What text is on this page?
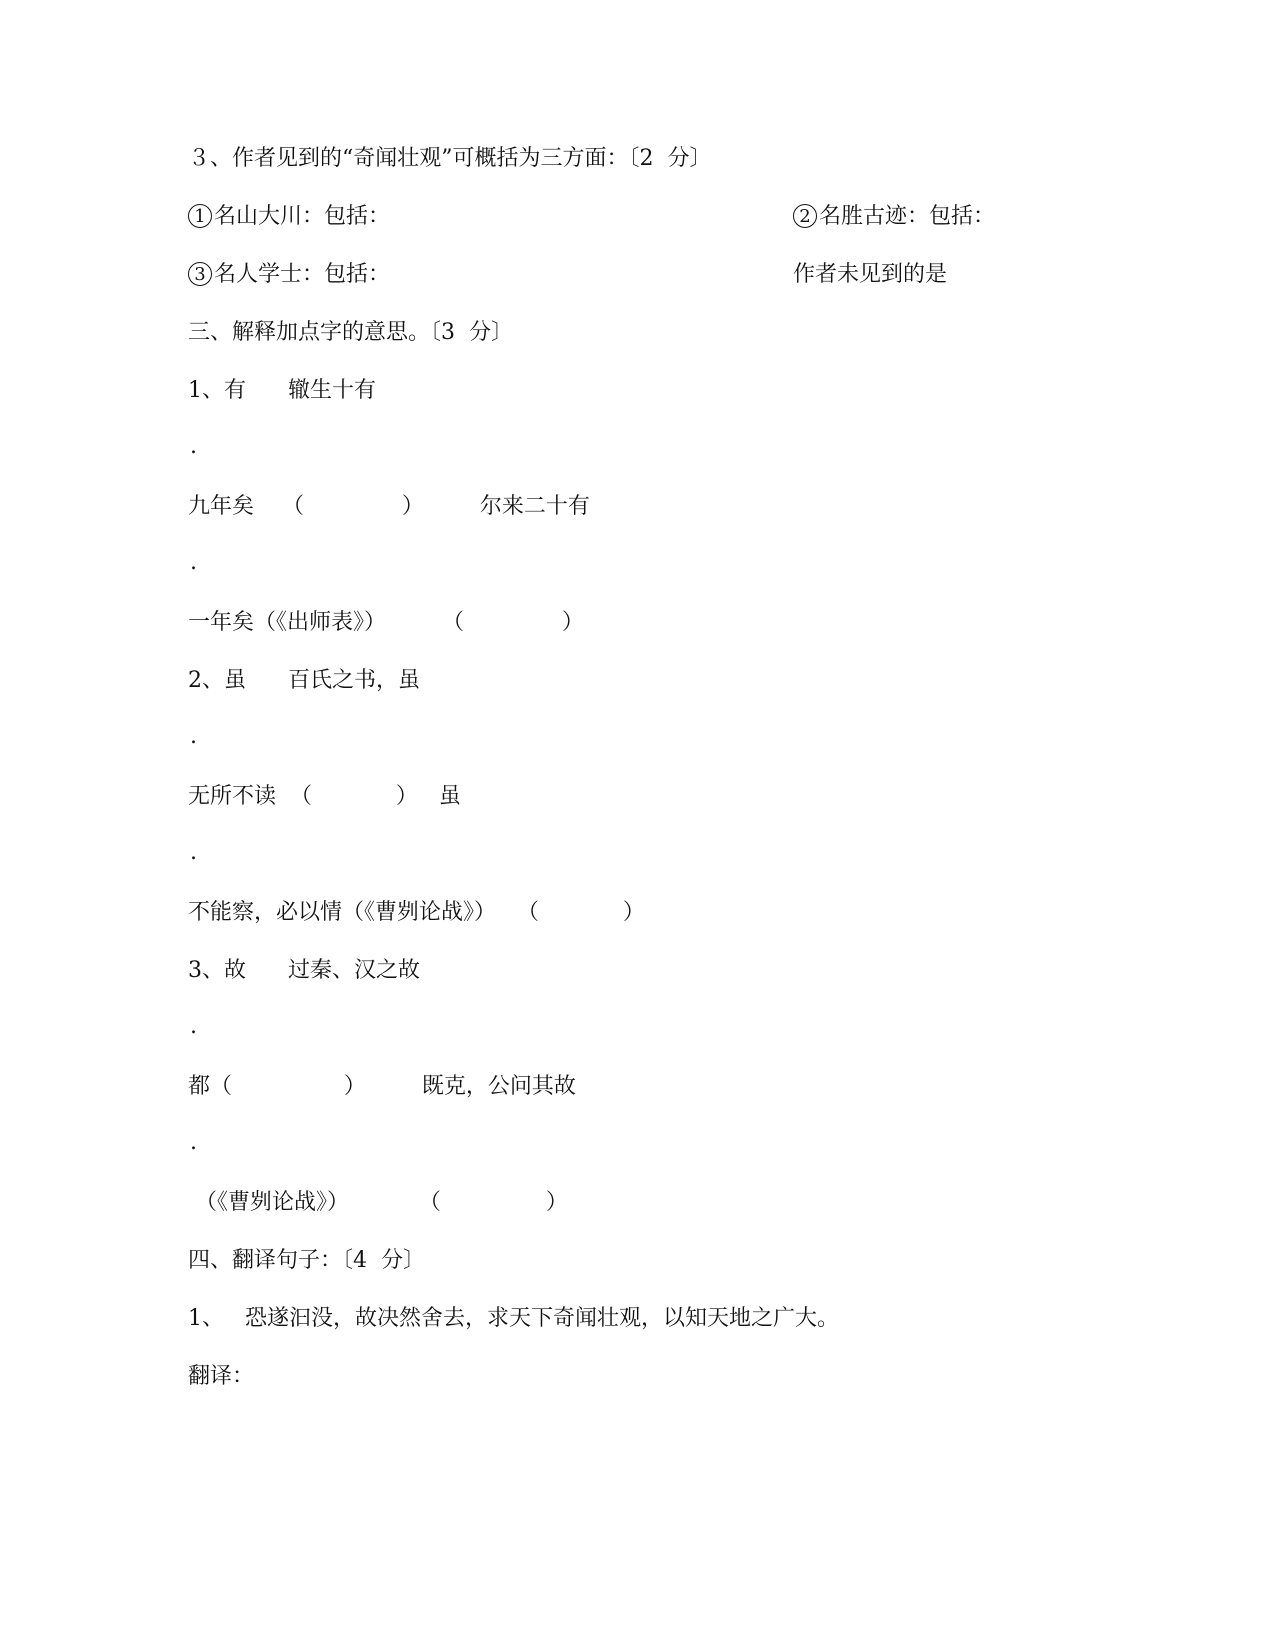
３、作者见到的“奇闻壮观”可概括为三方面：〔2  分〕
1 名山大川：包括：	2 名胜古迹：包括：
3 名人学士：包括：	作者未见到的是
三、解释加点字的意思。〔3  分〕
1、有      辙生十有
.
九年矣    （              ）        尔来二十有
.
一年矣（《出师表》）        （              ）
2、虽      百氏之书，虽
.
无所不读  （            ）   虽
.
不能察，必以情（《曹刿论战》）   （            ）
3、故      过秦、汉之故
.
都（                ）        既克，公问其故
.
（《曹刿论战》）          （               ）
四、翻译句子：〔4  分〕
1、   恐遂汩没，故决然舍去，求天下奇闻壮观，以知天地之广大。
翻译：
